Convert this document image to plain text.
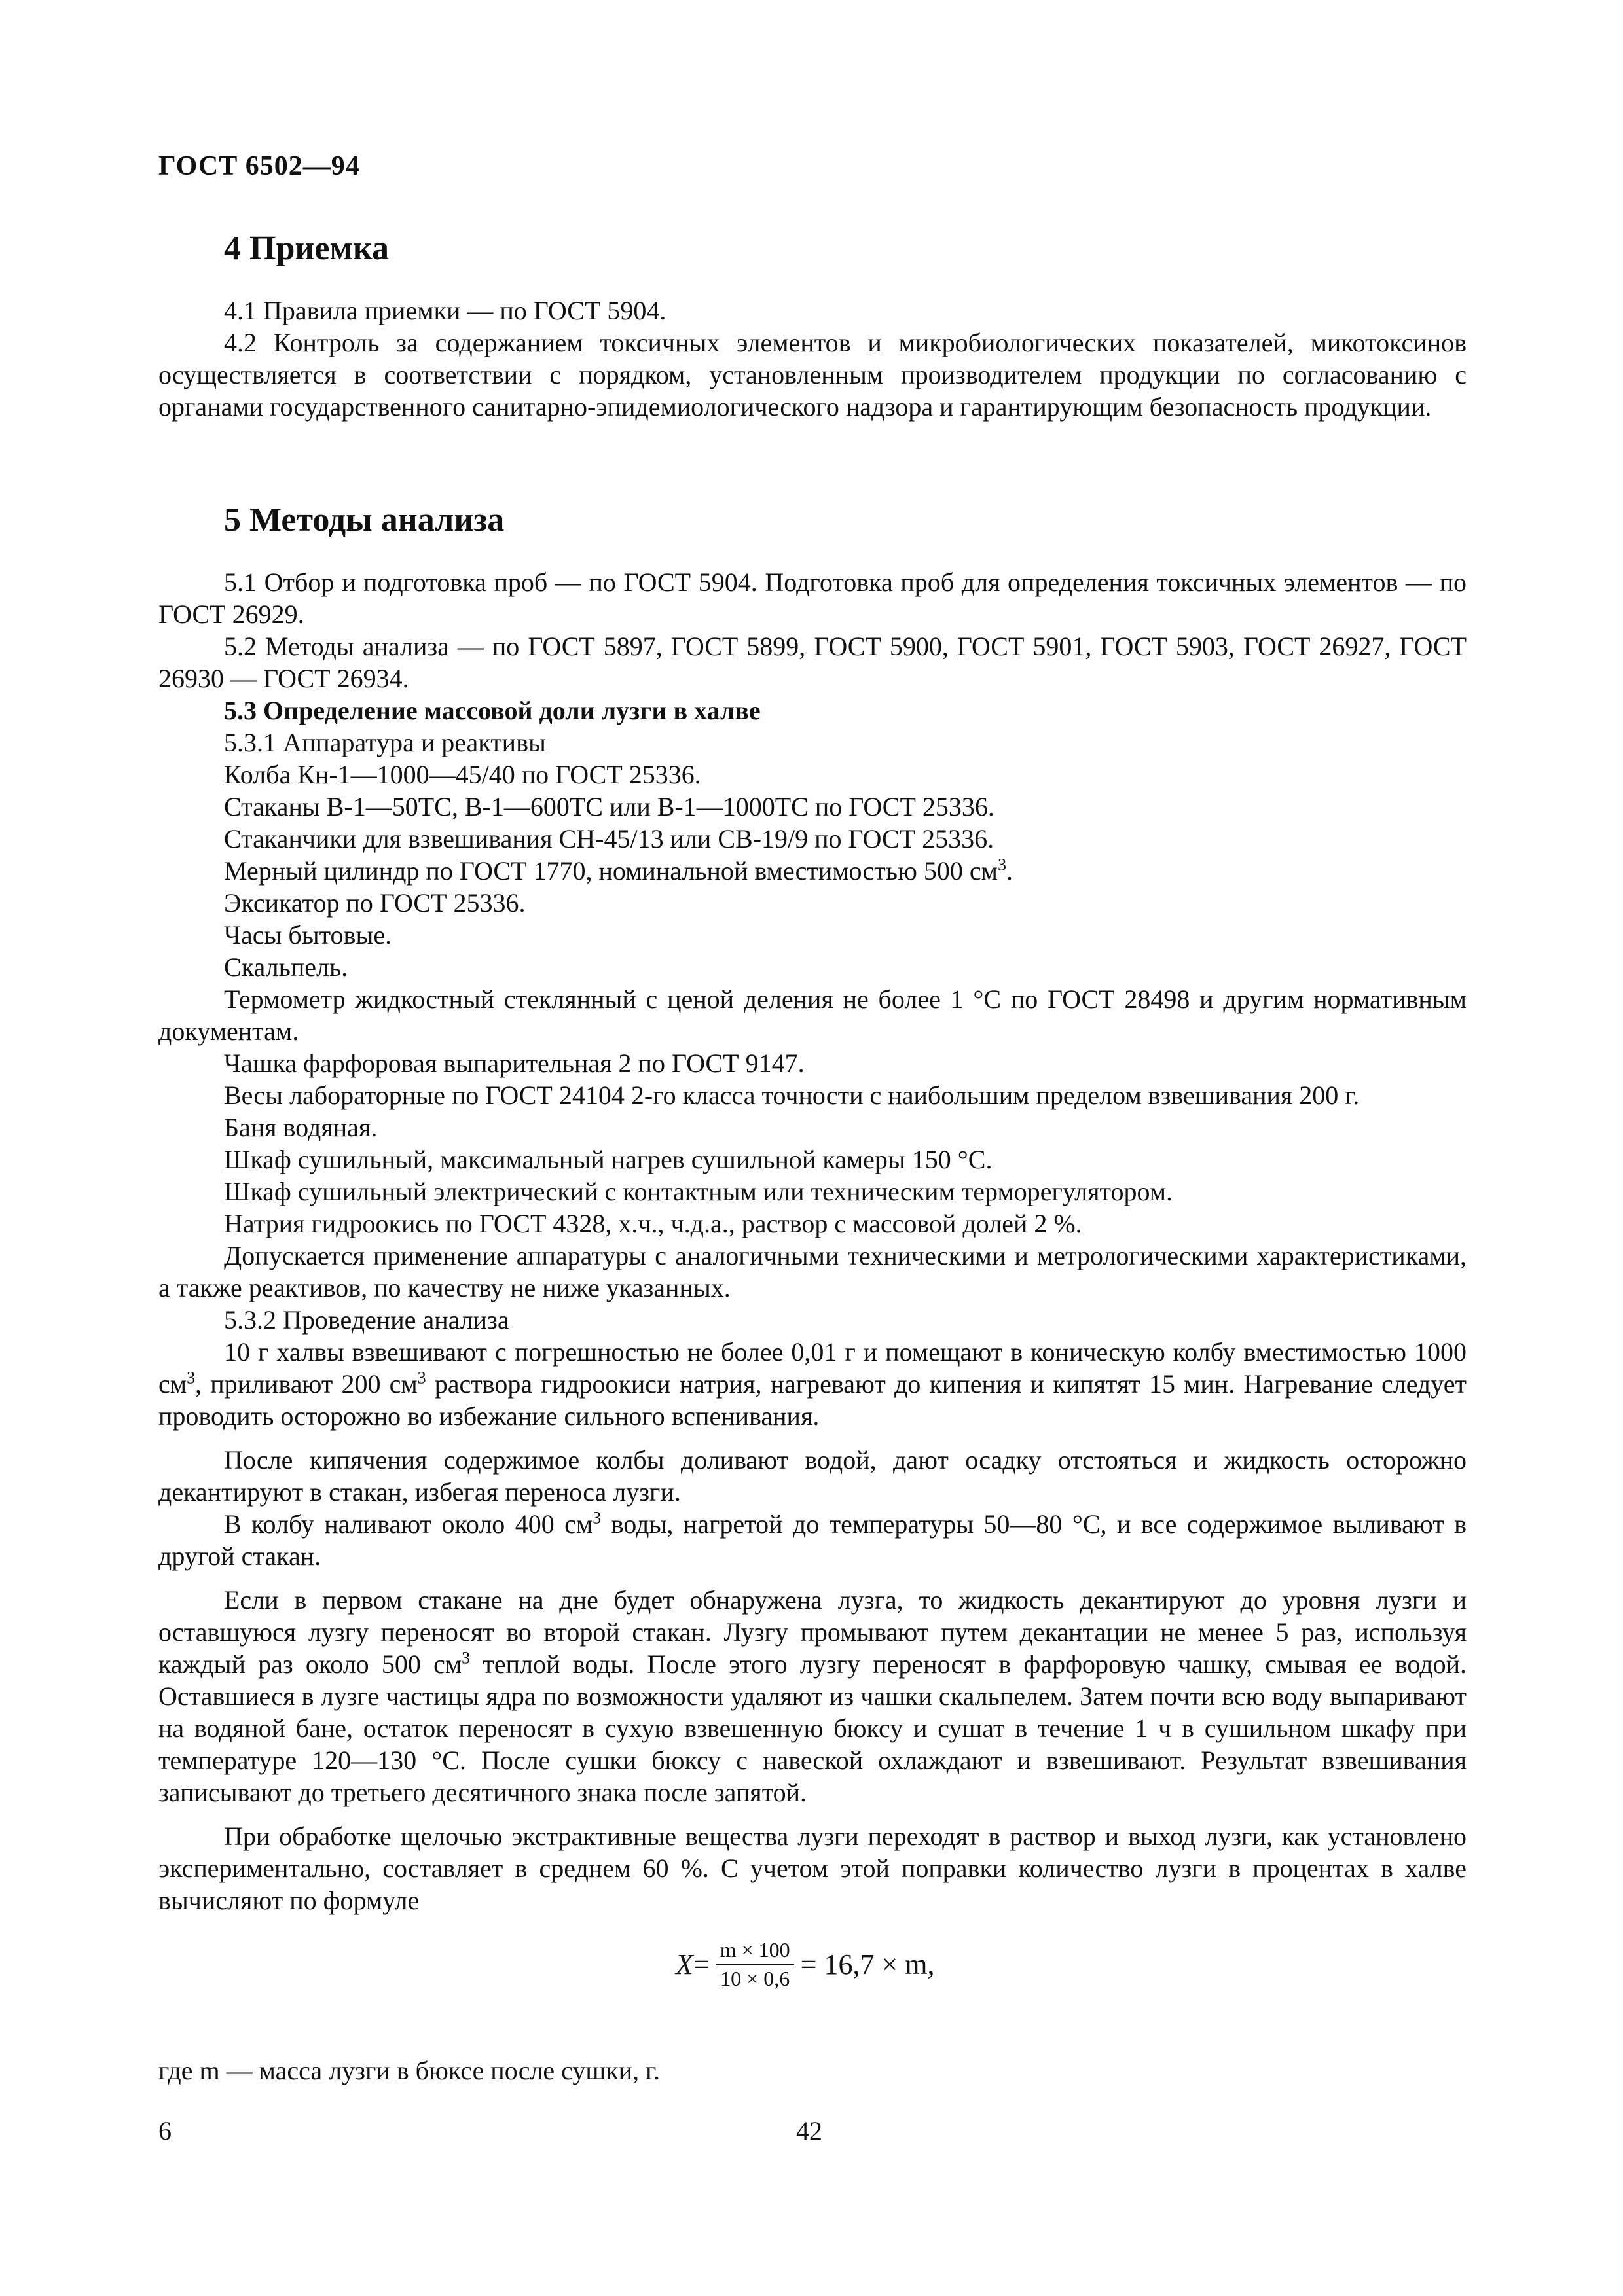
ГОСТ 6502—94
4 Приемка

4.1 Правила приемки — по ГОСТ 5904.

4.2 Контроль за содержанием токсичных элементов и микробиологических показателей, микотоксинов осуществляется в соответствии с порядком, установленным производителем продукции по согласованию с органами государственного санитарно-эпидемиологического надзора и гарантирующим безопасность продукции.

5 Методы анализа

5.1 Отбор и подготовка проб — по ГОСТ 5904. Подготовка проб для определения токсичных элементов — по ГОСТ 26929.

5.2 Методы анализа — по ГОСТ 5897, ГОСТ 5899, ГОСТ 5900, ГОСТ 5901, ГОСТ 5903, ГОСТ 26927, ГОСТ 26930 — ГОСТ 26934.

5.3 Определение массовой доли лузги в халве

5.3.1 Аппаратура и реактивы

Колба Кн-1—1000—45/40 по ГОСТ 25336.

Стаканы В-1—50ТС, В-1—600ТС или В-1—1000ТС по ГОСТ 25336.

Стаканчики для взвешивания СН-45/13 или СВ-19/9 по ГОСТ 25336.

Мерный цилиндр по ГОСТ 1770, номинальной вместимостью 500 $см^3$.

Эксикатор по ГОСТ 25336.

Часы бытовые.

Скальпель.

Термометр жидкостный стеклянный с ценой деления не более 1 °С по ГОСТ 28498 и другим нормативным документам.

Чашка фарфоровая выпарительная 2 по ГОСТ 9147.

Весы лабораторные по ГОСТ 24104 2-го класса точности с наибольшим пределом взвешивания 200 г.

Баня водяная.

Шкаф сушильный, максимальный нагрев сушильной камеры 150 °С.

Шкаф сушильный электрический с контактным или техническим терморегулятором.

Натрия гидроокись по ГОСТ 4328, х.ч., ч.д.а., раствор с массовой долей 2 %.

Допускается применение аппаратуры с аналогичными техническими и метрологическими характеристиками, а также реактивов, по качеству не ниже указанных.

5.3.2 Проведение анализа

10 г халвы взвешивают с погрешностью не более 0,01 г и помещают в коническую колбу вместимостью 1000 $см^3$, приливают 200 $см^3$ раствора гидроокиси натрия, нагревают до кипения и кипятят 15 мин. Нагревание следует проводить осторожно во избежание сильного вспенивания.

После кипячения содержимое колбы доливают водой, дают осадку отстояться и жидкость осторожно декантируют в стакан, избегая переноса лузги.

В колбу наливают около 400 $см^3$ воды, нагретой до температуры 50—80 °С, и все содержимое выливают в другой стакан.

Если в первом стакане на дне будет обнаружена лузга, то жидкость декантируют до уровня лузги и оставшуюся лузгу переносят во второй стакан. Лузгу промывают путем декантации не менее 5 раз, используя каждый раз около 500 $см^3$ теплой воды. После этого лузгу переносят в фарфоровую чашку, смывая ее водой. Оставшиеся в лузге частицы ядра по возможности удаляют из чашки скальпелем. Затем почти всю воду выпаривают на водяной бане, остаток переносят в сухую взвешенную бюксу и сушат в течение 1 ч в сушильном шкафу при температуре 120—130 °С. После сушки бюксу с навеской охлаждают и взвешивают. Результат взвешивания записывают до третьего десятичного знака после запятой.

При обработке щелочью экстрактивные вещества лузги переходят в раствор и выход лузги, как установлено экспериментально, составляет в среднем 60 %. С учетом этой поправки количество лузги в процентах в халве вычисляют по формуле

$X = \frac{m \times 100}{10 \times 0,6} = 16,7 \times m$,
где m — масса лузги в бюксе после сушки, г.
6	42
